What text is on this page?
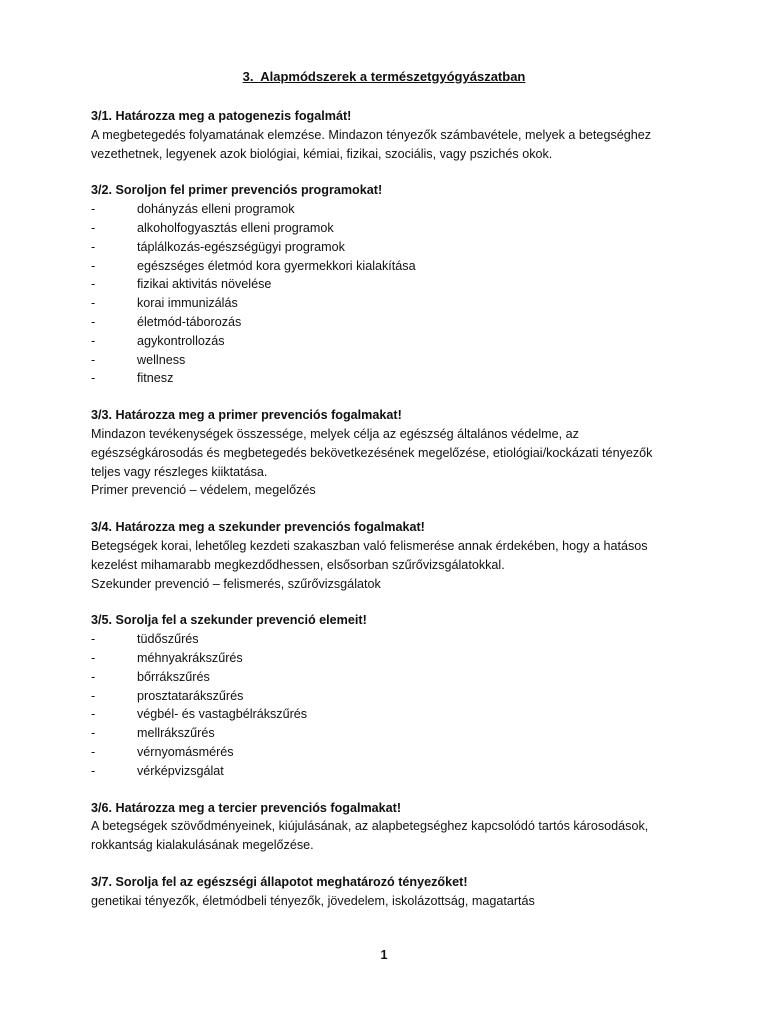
3.  Alapmódszerek a természetgyógyászatban

3/1. Határozza meg a patogenezis fogalmát!

A megbetegedés folyamatának elemzése. Mindazon tényezők számbavétele, melyek a betegséghez

vezethetnek, legyenek azok biológiai, kémiai, fizikai, szociális, vagy pszichés okok.

3/2. Soroljon fel primer prevenciós programokat!

-	dohányzás elleni programok
-	alkoholfogyasztás elleni programok
-	táplálkozás-egészségügyi programok
-	egészséges életmód kora gyermekkori kialakítása
-	fizikai aktivitás növelése
-	korai immunizálás
-	életmód-táborozás
-	agykontrollozás
-	wellness
-	fitnesz

3/3. Határozza meg a primer prevenciós fogalmakat!

Mindazon tevékenységek összessége, melyek célja az egészség általános védelme, az

egészségkárosodás és megbetegedés bekövetkezésének megelőzése, etiológiai/kockázati tényezők

teljes vagy részleges kiiktatása.

Primer prevenció – védelem, megelőzés

3/4. Határozza meg a szekunder prevenciós fogalmakat!

Betegségek korai, lehetőleg kezdeti szakaszban való felismerése annak érdekében, hogy a hatásos

kezelést mihamarabb megkezdődhessen, elsősorban szűrővizsgálatokkal.

Szekunder prevenció – felismerés, szűrővizsgálatok

3/5. Sorolja fel a szekunder prevenció elemeit!

-	tüdőszűrés
-	méhnyakrákszűrés
-	bőrrákszűrés
-	prosztatarákszűrés
-	végbél- és vastagbélrákszűrés
-	mellrákszűrés
-	vérnyomásmérés
-	vérképvizsgálat

3/6. Határozza meg a tercier prevenciós fogalmakat!

A betegségek szövődményeinek, kiújulásának, az alapbetegséghez kapcsolódó tartós károsodások,

rokkantság kialakulásának megelőzése.

3/7. Sorolja fel az egészségi állapotot meghatározó tényezőket!

genetikai tényezők, életmódbeli tényezők, jövedelem, iskolázottság, magatartás

1
